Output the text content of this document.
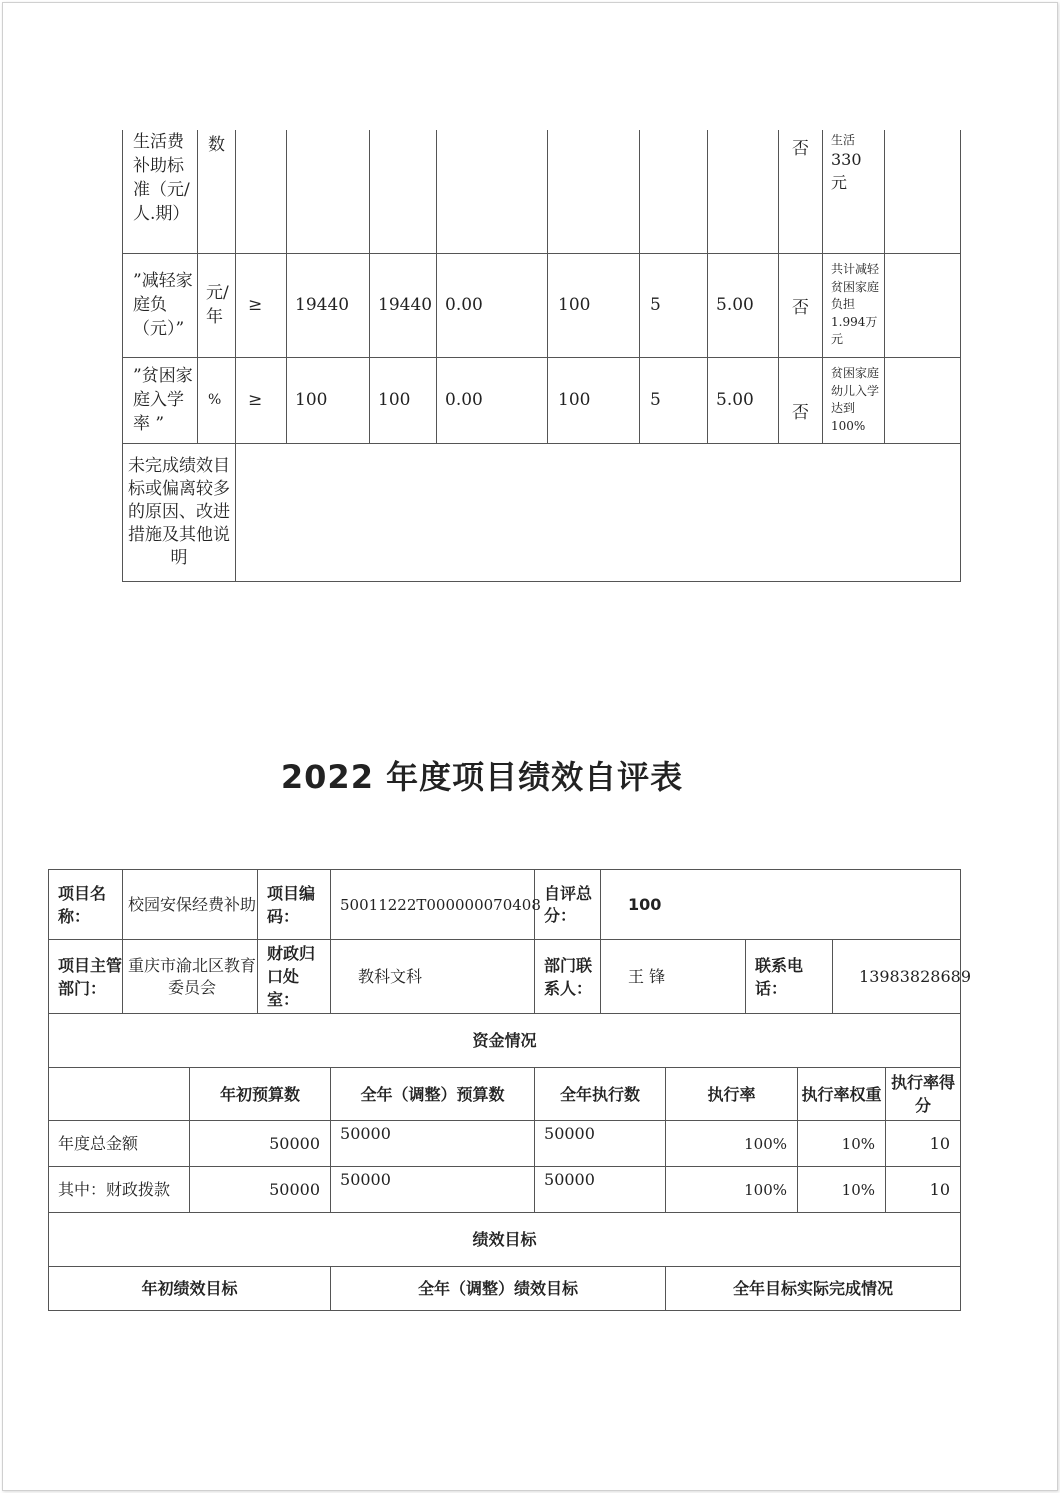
生活费补助标准（元/人.期）	数								否	生活
330
元	

”减轻家庭负（元）”	元/年	≥	19440	19440	0.00	100	5	5.00	否	共计减轻贫困家庭负担1.994万元	
”贫困家庭入学率 ”	%	≥	100	100	0.00	100	5	5.00	否	贫困家庭幼儿入学达到100%	
未完成绩效目标或偏离较多的原因、改进措施及其他说明											
2022 年度项目绩效自评表
项目名称：	校园安保经费补助		项目编码：	50011222T000000070408	自评总分：	100					
项目主管部门：	重庆市渝北区教育委员会		财政归口处室：	教科文科	部门联系人：	王 锋		联系电话：		13983828689	
资金情况											
		年初预算数		全年（调整）预算数	全年执行数		执行率		执行率权重		执行率得分
年度总金额		50000		50000	50000		100%		10%		10
其中：财政拨款		50000		50000	50000		100%		10%		10
绩效目标											
年初绩效目标				全年（调整）绩效目标			全年目标实际完成情况				
